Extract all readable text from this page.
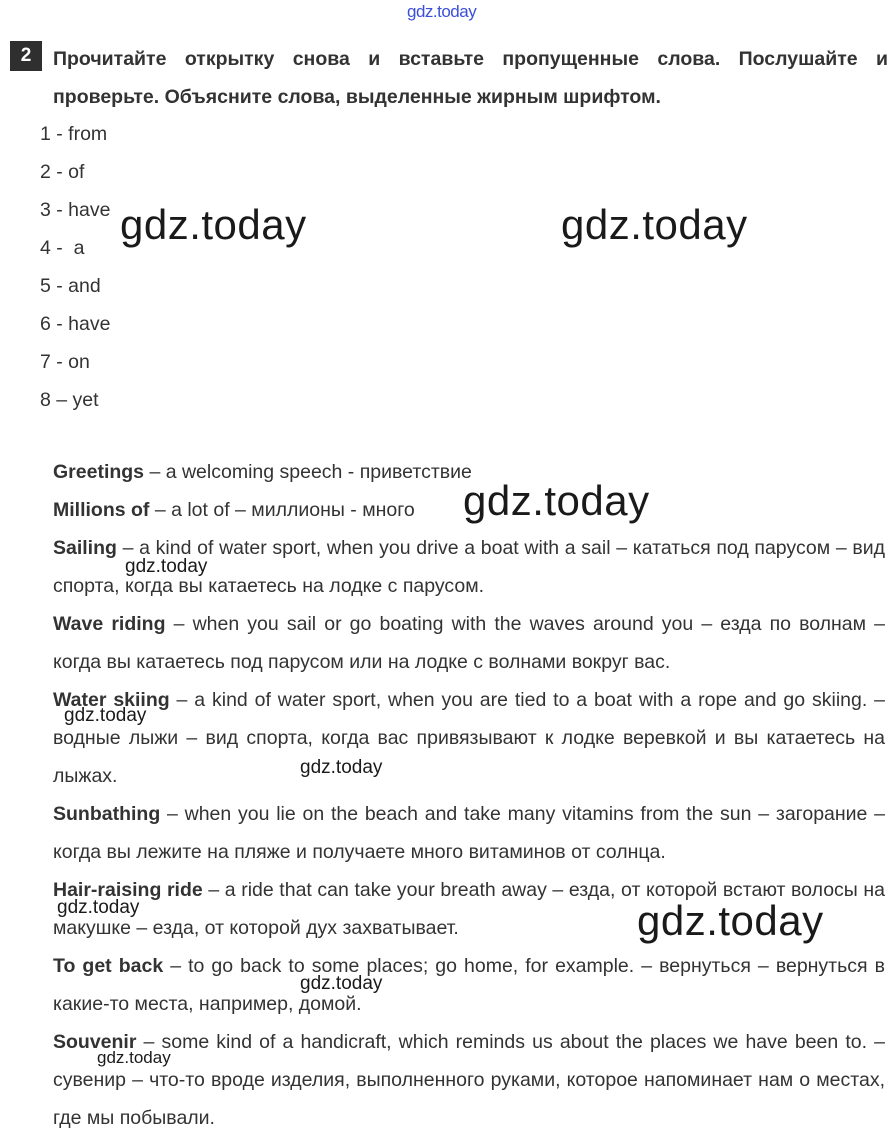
gdz.today
2	Прочитайте открытку снова и вставьте пропущенные слова. Послушайте и проверьте. Объясните слова, выделенные жирным шрифтом.
1 - from
2 - of
3 - have
4 -  a
5 - and
6 - have
7 - on
8 – yet

Greetings – a welcoming speech - приветствие

Millions of – a lot of – миллионы - много

Sailing – a kind of water sport, when you drive a boat with a sail – кататься под парусом – вид спорта, когда вы катаетесь на лодке с парусом.

Wave riding – when you sail or go boating with the waves around you – езда по волнам – когда вы катаетесь под парусом или на лодке с волнами вокруг вас.

Water skiing – a kind of water sport, when you are tied to a boat with a rope and go skiing. – водные лыжи – вид спорта, когда вас привязывают к лодке веревкой и вы катаетесь на лыжах.

Sunbathing – when you lie on the beach and take many vitamins from the sun – загорание – когда вы лежите на пляже и получаете много витаминов от солнца.

Hair-raising ride – a ride that can take your breath away – езда, от которой встают волосы на макушке – езда, от которой дух захватывает.

To get back – to go back to some places; go home, for example. – вернуться – вернуться в какие-то места, например, домой.

Souvenir – some kind of a handicraft, which reminds us about the places we have been to. – сувенир – что-то вроде изделия, выполненного руками, которое напоминает нам о местах, где мы побывали.

gdz.today	gdz.today
gdz.today
gdz.today
gdz.today
gdz.today
gdz.today	gdz.today
gdz.today
gdz.today
